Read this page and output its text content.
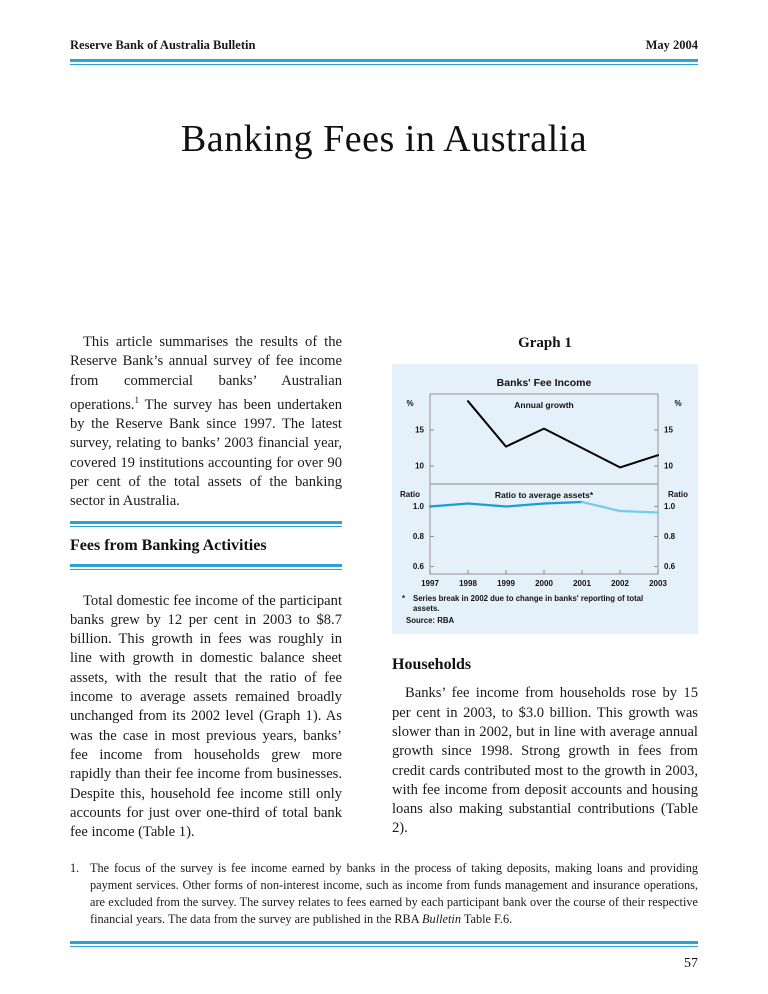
Reserve Bank of Australia Bulletin	May 2004
Banking Fees in Australia

This article summarises the results of the Reserve Bank’s annual survey of fee income from commercial banks’ Australian operations.$^1$ The survey has been undertaken by the Reserve Bank since 1997. The latest survey, relating to banks’ 2003 financial year, covered 19 institutions accounting for over 90 per cent of the total assets of the banking sector in Australia.

Fees from Banking Activities

Total domestic fee income of the participant banks grew by 12 per cent in 2003 to $8.7 billion. This growth in fees was roughly in line with growth in domestic balance sheet assets, with the result that the ratio of fee income to average assets remained broadly unchanged from its 2002 level (Graph 1). As was the case in most previous years, banks’ fee income from households grew more rapidly than their fee income from businesses. Despite this, household fee income still only accounts for just over one-third of total bank fee income (Table 1).

Graph 1
Banks' Fee Income
%	%
Annual growth
Ratio	Ratio
Ratio to average assets*
15	15
10	10
1.0	1.0
0.8	0.8
0.6	0.6
1997	1998	1999	2000	2001	2002	2003
*	Series break in 2002 due to change in banks' reporting of total assets.
Source: RBA
Households

Banks’ fee income from households rose by 15 per cent in 2003, to $3.0 billion. This growth was slower than in 2002, but in line with average annual growth since 1998. Strong growth in fees from credit cards contributed most to the growth in 2003, with fee income from deposit accounts and housing loans also making substantial contributions (Table 2).

1. The focus of the survey is fee income earned by banks in the process of taking deposits, making loans and providing payment services. Other forms of non-interest income, such as income from funds management and insurance operations, are excluded from the survey. The survey relates to fees earned by each participant bank over the course of their respective financial years. The data from the survey are published in the RBA Bulletin Table F.6.

57
